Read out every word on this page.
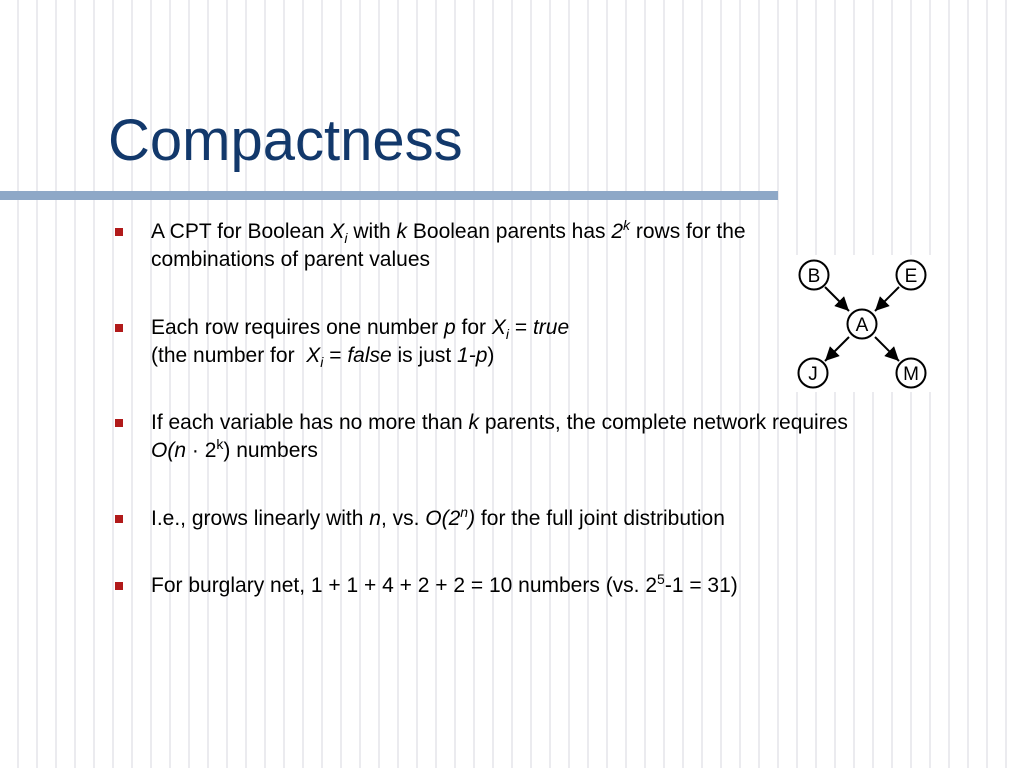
Compactness
A CPT for Boolean $X_i$ with k Boolean parents has 2$^k$ rows for the
combinations of parent values
Each row requires one number p for $X_i$ = true
(the number for  $X_i$ = false is just 1-p)
If each variable has no more than k parents, the complete network requires
$O(n \cdot 2^k)$ numbers
I.e., grows linearly with n, vs. O(2$^n$) for the full joint distribution
For burglary net, 1 + 1 + 4 + 2 + 2 = 10 numbers (vs. $2^5-1 = 31$)
B	E
A
J	M
